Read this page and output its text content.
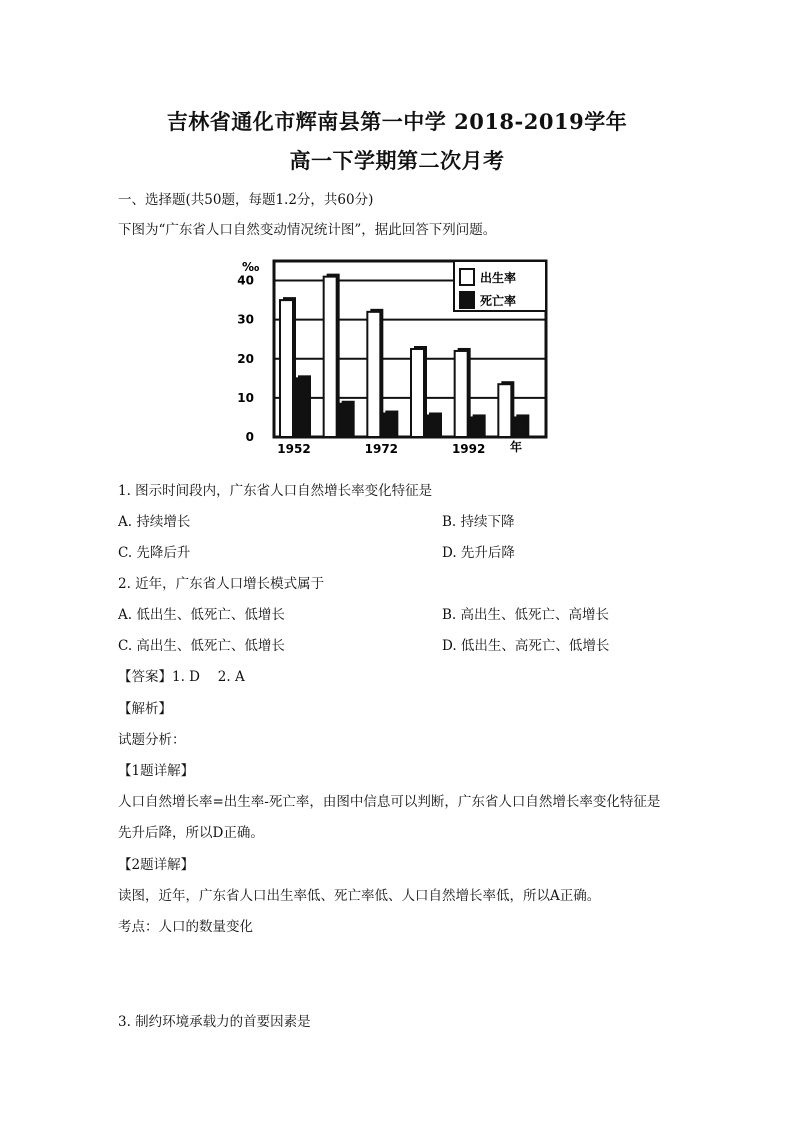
吉林省通化市辉南县第一中学 2018-2019学年
高一下学期第二次月考
一、选择题(共50题，每题1.2分，共60分)
下图为“广东省人口自然变动情况统计图”，据此回答下列问题。
0
10
20
30
40
‰
1952	1972	1992 年
出生率
死亡率
1. 图示时间段内，广东省人口自然增长率变化特征是
A. 持续增长	B. 持续下降
C. 先降后升	D. 先升后降
2. 近年，广东省人口增长模式属于
A. 低出生、低死亡、低增长	B. 高出生、低死亡、高增长
C. 高出生、低死亡、低增长	D. 低出生、高死亡、低增长
【答案】1. D　 2. A
【解析】
试题分析：
【1题详解】
人口自然增长率=出生率-死亡率，由图中信息可以判断，广东省人口自然增长率变化特征是
先升后降，所以D正确。
【2题详解】
读图，近年，广东省人口出生率低、死亡率低、人口自然增长率低，所以A正确。
考点：人口的数量变化
3. 制约环境承载力的首要因素是
